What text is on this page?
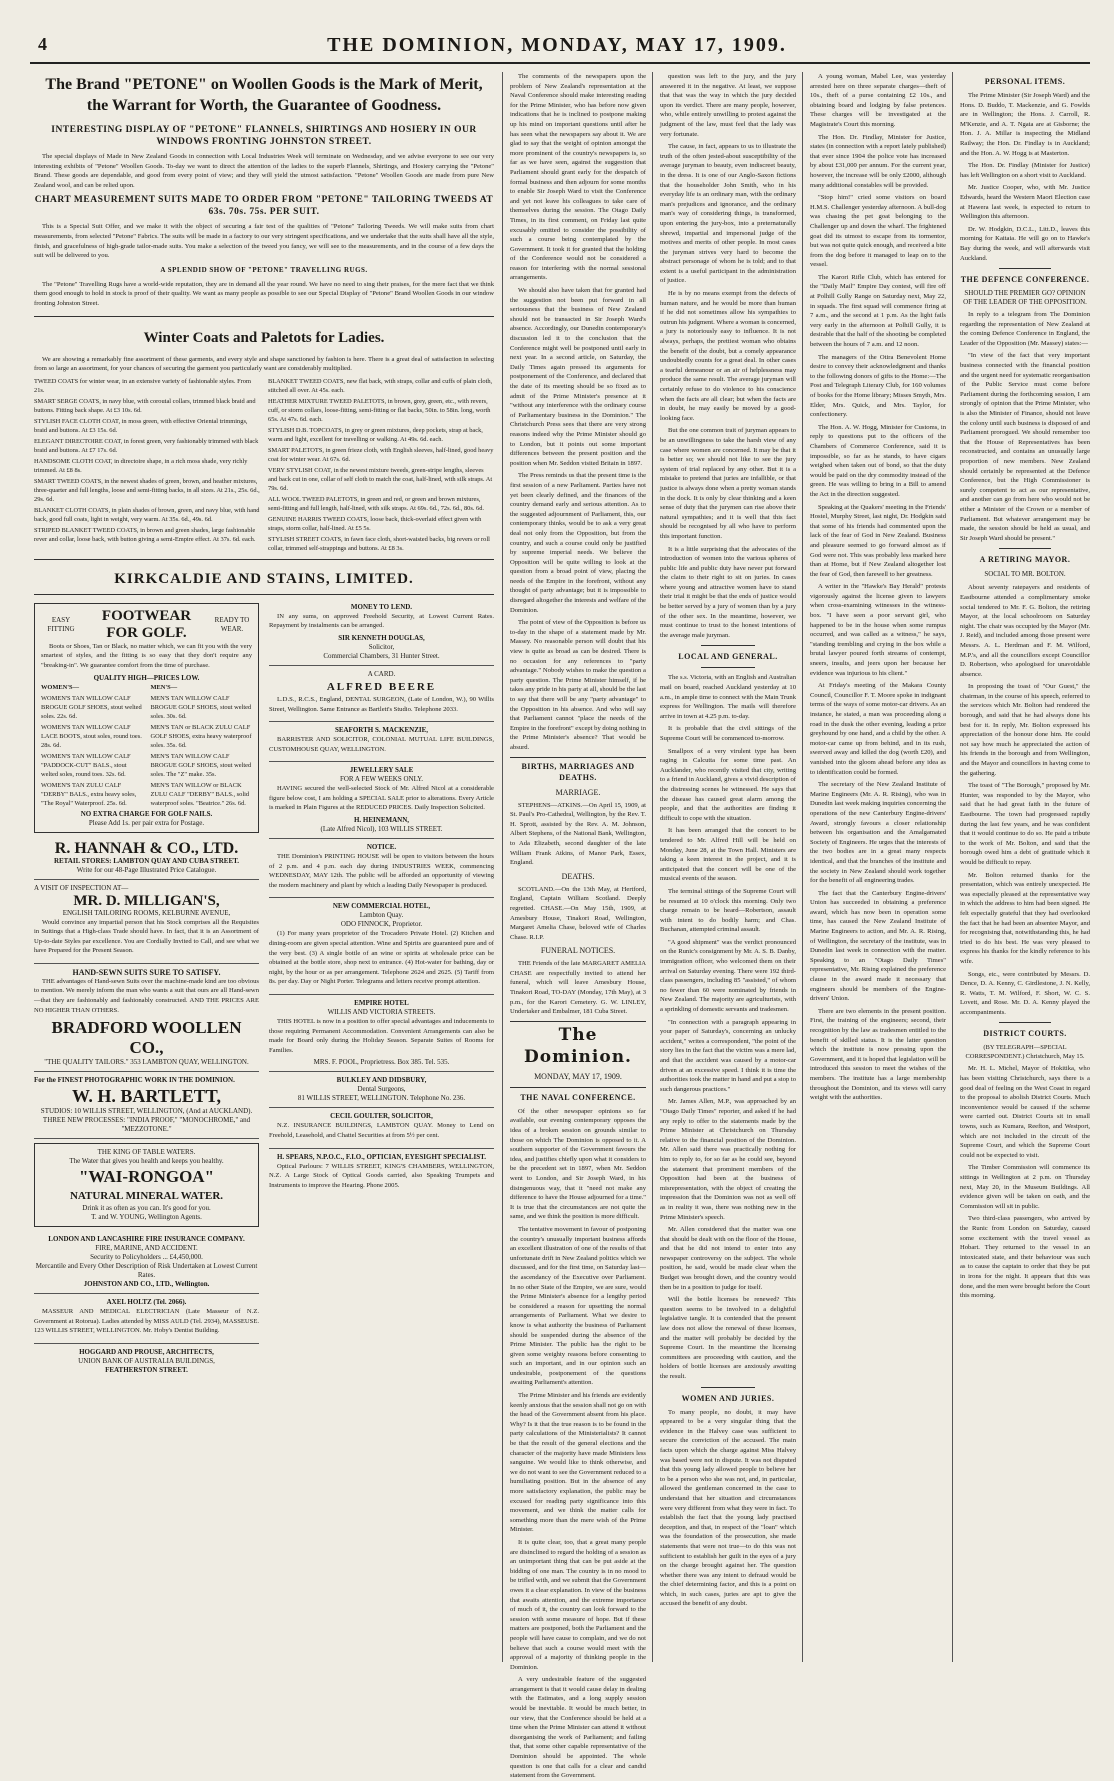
4	THE DOMINION, MONDAY, MAY 17, 1909.
The Brand "PETONE" on Woollen Goods is the Mark of Merit, the Warrant for Worth, the Guarantee of Goodness.
INTERESTING DISPLAY OF "PETONE" FLANNELS, SHIRTINGS AND HOSIERY IN OUR WINDOWS FRONTING JOHNSTON STREET.

The special displays of Made in New Zealand Goods in connection with Local Industries Week will terminate on Wednesday, and we advise everyone to see our very interesting exhibits of "Petone" Woollen Goods. To-day we want to direct the attention of the ladies to the superb Flannels, Shirtings, and Hosiery carrying the "Petone" Brand. These goods are dependable, and good from every point of view; and they will yield the utmost satisfaction. "Petone" Woollen Goods are made from pure New Zealand wool, and can be relied upon.

CHART MEASUREMENT SUITS MADE TO ORDER FROM "PETONE" TAILORING TWEEDS AT 63s. 70s. 75s. PER SUIT.

This is a Special Suit Offer, and we make it with the object of securing a fair test of the qualities of "Petone" Tailoring Tweeds. We will make suits from chart measurements, from selected "Petone" Fabrics. The suits will be made in a factory to our very stringent specifications, and we undertake that the suits shall have all the style, finish, and gracefulness of high-grade tailor-made suits. You make a selection of the tweed you fancy, we will see to the measurements, and in the course of a few days the suit will be delivered to you.

A SPLENDID SHOW OF "PETONE" TRAVELLING RUGS.

The "Petone" Travelling Rugs have a world-wide reputation, they are in demand all the year round. We have no need to sing their praises, for the mere fact that we think them good enough to hold in stock is proof of their quality. We want as many people as possible to see our Special Display of "Petone" Brand Woollen Goods in our window fronting Johnston Street.

Winter Coats and Paletots for Ladies.

We are showing a remarkably fine assortment of these garments, and every style and shape sanctioned by fashion is here. There is a great deal of satisfaction in selecting from so large an assortment, for your chances of securing the garment you particularly want are considerably multiplied.

TWEED COATS for winter wear, in an extensive variety of fashionable styles. From 21s.
SMART SERGE COATS, in navy blue, with coroutal collars, trimmed black braid and buttons. Fitting back shape. At £3 10s. 6d.
STYLISH FACE CLOTH COAT, in moss green, with effective Oriental trimmings, braid and buttons. At £3 15s. 6d.
ELEGANT DIRECTOIRE COAT, in forest green, very fashionably trimmed with black braid and buttons. At £7 17s. 6d.
HANDSOME CLOTH COAT, in directoire shape, in a rich moss shade, very richly trimmed. At £8 8s.
SMART TWEED COATS, in the newest shades of green, brown, and heather mixtures, three-quarter and full lengths, loose and semi-fitting backs, in all sizes. At 21s., 25s. 6d., 29s. 6d.
BLANKET CLOTH COATS, in plain shades of brown, green, and navy blue, with hand back, good full coats, light in weight, very warm. At 35s. 6d., 49s. 6d.
STRIPED BLANKET TWEED COATS, in brown and green shades, large fashionable rever and collar, loose back, with button giving a semi-Empire effect. At 37s. 6d. each.
BLANKET TWEED COATS, new flat back, with straps, collar and cuffs of plain cloth, stitched all over. At 45s. each.
HEATHER MIXTURE TWEED PALETOTS, in brown, grey, green, etc., with revers, cuff, or storm collars, loose-fitting, semi-fitting or flat backs, 50in. to 58in. long, worth 65s. At 47s. 6d. each.
STYLISH D.B. TOPCOATS, in grey or green mixtures, deep pockets, strap at back, warm and light, excellent for travelling or walking. At 49s. 6d. each.
SMART PALETOTS, in green frieze cloth, with English sleeves, half-lined, good heavy coat for winter wear. At 67s. 6d.
VERY STYLISH COAT, in the newest mixture tweeds, green-stripe lengths, sleeves and back cut in one, collar of self cloth to match the coat, half-lined, with silk straps. At 79s. 6d.
ALL WOOL TWEED PALETOTS, in green and red, or green and brown mixtures, semi-fitting and full length, half-lined, with silk straps. At 69s. 6d., 72s. 6d., 80s. 6d.
GENUINE HARRIS TWEED COATS, loose back, thick-overlaid effect given with straps, storm collar, half-lined. At £5 5s.
STYLISH STREET COATS, in fawn face cloth, short-waisted backs, big revers or roll collar, trimmed self-strappings and buttons. At £8 3s.
KIRKCALDIE AND STAINS, LIMITED.
EASY FITTING
FOOTWEAR FOR GOLF.
READY TO WEAR.

Boots or Shoes, Tan or Black, no matter which, we can fit you with the very smartest of styles, and the fitting is so easy that they don't require any "breaking-in". We guarantee comfort from the time of purchase.

QUALITY HIGH—PRICES LOW.
WOMEN'S—
WOMEN'S TAN WILLOW CALF BROGUE GOLF SHOES, stout welted soles. 22s. 6d.
WOMEN'S TAN WILLOW CALF LACE BOOTS, stout soles, round toes. 28s. 6d.
WOMEN'S TAN WILLOW CALF "PADDOCK-CUT" BALS., stout welted soles, round toes. 32s. 6d.
WOMEN'S TAN ZULU CALF "DERBY" BALS., extra heavy soles, "The Royal" Waterproof. 25s. 6d.
MEN'S—
MEN'S TAN WILLOW CALF BROGUE GOLF SHOES, stout welted soles. 30s. 6d.
MEN'S TAN or BLACK ZULU CALF GOLF SHOES, extra heavy waterproof soles. 35s. 6d.
MEN'S TAN WILLOW CALF BROGUE GOLF SHOES, stout welted soles. The "Z" make. 35s.
MEN'S TAN WILLOW or BLACK ZULU CALF "DERBY" BALS., solid waterproof soles. "Beatrice." 26s. 6d.
NO EXTRA CHARGE FOR GOLF NAILS.
Please Add 1s. per pair extra for Postage.
R. HANNAH & CO., LTD.
RETAIL STORES: LAMBTON QUAY AND CUBA STREET.
Write for our 48-Page Illustrated Price Catalogue.
A VISIT OF INSPECTION AT—
MR. D. MILLIGAN'S,
ENGLISH TAILORING ROOMS, KELBURNE AVENUE,

Would convince any impartial person that his Stock comprises all the Requisites in Suitings that a High-class Trade should have. In fact, that it is an Assortment of Up-to-date Styles par excellence. You are Cordially Invited to Call, and see what we have Prepared for the Present Season.

HAND-SEWN SUITS SURE TO SATISFY.

THE advantages of Hand-sewn Suits over the machine-made kind are too obvious to mention. We merely inform the man who wants a suit that ours are all Hand-sewn—that they are fashionably and fashionably constructed. AND THE PRICES ARE NO HIGHER THAN OTHERS.

BRADFORD WOOLLEN CO.,
"THE QUALITY TAILORS." 353 LAMBTON QUAY, WELLINGTON.
For the FINEST PHOTOGRAPHIC WORK IN THE DOMINION.
W. H. BARTLETT,
STUDIOS: 10 WILLIS STREET, WELLINGTON, (And at AUCKLAND).
THREE NEW PROCESSES: "INDIA PROOF," "MONOCHROME," and "MEZZOTONE."
THE KING OF TABLE WATERS.
The Water that gives you health and keeps you healthy.
"WAI-RONGOA"
NATURAL MINERAL WATER.
Drink it as often as you can. It's good for you.
T. and W. YOUNG, Wellington Agents.
LONDON AND LANCASHIRE FIRE INSURANCE COMPANY.
FIRE, MARINE, AND ACCIDENT.
Security to Policyholders ... £4,450,000.
Mercantile and Every Other Description of Risk Undertaken at Lowest Current Rates.
JOHNSTON AND CO., LTD., Wellington.
AXEL HOLTZ (Tel. 2066).

MASSEUR AND MEDICAL ELECTRICIAN (Late Masseur of N.Z. Government at Rotorua). Ladies attended by MISS AULD (Tel. 2934), MASSEUSE. 123 WILLIS STREET, WELLINGTON. Mr. Hoby's Dentist Building.

HOGGARD AND PROUSE, ARCHITECTS,
UNION BANK OF AUSTRALIA BUILDINGS,
FEATHERSTON STREET.
MONEY TO LEND.

IN any sums, on approved Freehold Security, at Lowest Current Rates. Repayment by instalments can be arranged.

SIR KENNETH DOUGLAS,
Solicitor,
Commercial Chambers, 31 Hunter Street.
A CARD.
ALFRED BEERE

L.D.S., R.C.S., England, DENTAL SURGEON, (Late of London, W.), 90 Willis Street, Wellington. Same Entrance as Bartlett's Studio. Telephone 2033.

SEAFORTH S. MACKENZIE,

BARRISTER AND SOLICITOR, COLONIAL MUTUAL LIFE BUILDINGS, CUSTOMHOUSE QUAY, WELLINGTON.

JEWELLERY SALE
FOR A FEW WEEKS ONLY.

HAVING secured the well-selected Stock of Mr. Alfred Nicol at a considerable figure below cost, I am holding a SPECIAL SALE prior to alterations. Every Article is marked in Plain Figures at the REDUCED PRICES. Daily Inspection Solicited.

H. HEINEMANN,
(Late Alfred Nicol), 103 WILLIS STREET.
NOTICE.

THE Dominion's PRINTING HOUSE will be open to visitors between the hours of 2 p.m. and 4 p.m. each day during INDUSTRIES WEEK, commencing WEDNESDAY, MAY 12th. The public will be afforded an opportunity of viewing the modern machinery and plant by which a leading Daily Newspaper is produced.

NEW COMMERCIAL HOTEL,
Lambton Quay.
ODO FINNOCK, Proprietor.

(1) For many years proprietor of the Trocadero Private Hotel. (2) Kitchen and dining-room are given special attention. Wine and Spirits are guaranteed pure and of the very best. (3) A single bottle of an wine or spirits at wholesale price can be obtained at the bottle store, shop next to entrance. (4) Hot-water for bathing, day or night, by the hour or as per arrangement. Telephone 2624 and 2625. (5) Tariff from 8s. per day. Day or Night Porter. Telegrams and letters receive prompt attention.

EMPIRE HOTEL
WILLIS AND VICTORIA STREETS.

THIS HOTEL is now in a position to offer special advantages and inducements to those requiring Permanent Accommodation. Convenient Arrangements can also be made for Board only during the Holiday Season. Separate Suites of Rooms for Families.

MRS. F. POOL, Proprietress. Box 385. Tel. 535.
BULKLEY AND DIDSBURY,
Dental Surgeons,
81 WILLIS STREET, WELLINGTON. Telephone No. 236.
CECIL GOULTER, SOLICITOR,

N.Z. INSURANCE BUILDINGS, LAMBTON QUAY. Money to Lend on Freehold, Leasehold, and Chattel Securities at from 5½ per cent.

H. SPEARS, N.P.O.C., F.I.O., OPTICIAN, EYESIGHT SPECIALIST.

Optical Parlours: 7 WILLIS STREET, KING'S CHAMBERS, WELLINGTON, N.Z. A Large Stock of Optical Goods carried, also Speaking Trumpets and Instruments to improve the Hearing. Phone 2005.

The comments of the newspapers upon the problem of New Zealand's representation at the Naval Conference should make interesting reading for the Prime Minister, who has before now given indications that he is inclined to postpone making up his mind on important questions until after he has seen what the newspapers say about it. We are glad to say that the weight of opinion amongst the more prominent of the country's newspapers is, so far as we have seen, against the suggestion that Parliament should grant early for the despatch of formal business and then adjourn for some months to enable Sir Joseph Ward to visit the Conference and yet not leave his colleagues to take care of themselves during the session. The Otago Daily Times, in its first comment, on Friday last quite excusably omitted to consider the possibility of such a course being contemplated by the Government. It took it for granted that the holding of the Conference would not be considered a reason for interfering with the normal sessional arrangements.

We should also have taken that for granted had the suggestion not been put forward in all seriousness that the business of New Zealand should not be transacted in Sir Joseph Ward's absence. Accordingly, our Dunedin contemporary's discussion led it to the conclusion that the Conference might well be postponed until early in next year. In a second article, on Saturday, the Daily Times again pressed its arguments for postponement of the Conference, and declared that the date of its meeting should be so fixed as to admit of the Prime Minister's presence at it "without any interference with the ordinary course of Parliamentary business in the Dominion." The Christchurch Press sees that there are very strong reasons indeed why the Prime Minister should go to London, but it points out some important differences between the present position and the position when Mr. Seddon visited Britain in 1897.

The Press reminds us that the present time is the first session of a new Parliament. Parties have not yet been clearly defined, and the finances of the country demand early and serious attention. As to the suggested adjournment of Parliament, this, our contemporary thinks, would be to ask a very great deal not only from the Opposition, but from the country, and such a course could only be justified by supreme imperial needs. We believe the Opposition will be quite willing to look at the question from a broad point of view, placing the needs of the Empire in the forefront, without any thought of party advantage; but it is impossible to disregard altogether the interests and welfare of the Dominion.

The point of view of the Opposition is before us to-day in the shape of a statement made by Mr. Massey. No reasonable person will doubt that his view is quite as broad as can be desired. There is no occasion for any references to "party advantage." Nobody wishes to make the question a party question. The Prime Minister himself, if he takes any pride in his party at all, should be the last to say that there will be any "party advantage" to the Opposition in his absence. And who will say that Parliament cannot "place the needs of the Empire in the forefront" except by doing nothing in the Prime Minister's absence? That would be absurd.

BIRTHS, MARRIAGES AND DEATHS.
MARRIAGE.

STEPHENS—ATKINS.—On April 15, 1909, at St. Paul's Pro-Cathedral, Wellington, by the Rev. T. H. Sprott, assisted by the Rev. A. M. Johnson, Albert Stephens, of the National Bank, Wellington, to Ada Elizabeth, second daughter of the late William Frank Atkins, of Manor Park, Essex, England.

DEATHS.

SCOTLAND.—On the 13th May, at Hertford, England, Captain William Scotland. Deeply regretted. CHASE.—On May 15th, 1909, at Amesbury House, Tinakori Road, Wellington, Margaret Amelia Chase, beloved wife of Charles Chase. R.I.P.

FUNERAL NOTICES.

THE Friends of the late MARGARET AMELIA CHASE are respectfully invited to attend her funeral, which will leave Amesbury House, Tinakori Road, TO-DAY (Monday, 17th May), at 3 p.m., for the Karori Cemetery. G. W. LINLEY, Undertaker and Embalmer, 181 Cuba Street.

The Dominion.
MONDAY, MAY 17, 1909.
THE NAVAL CONFERENCE.

Of the other newspaper opinions so far available, our evening contemporary opposes the idea of a broken session on grounds similar to those on which The Dominion is opposed to it. A southern supporter of the Government favours the idea, and justifies chiefly upon what it considers to be the precedent set in 1897, when Mr. Seddon went to London, and Sir Joseph Ward, in his disingenuous way, that it "need not make any difference to have the House adjourned for a time." It is true that the circumstances are not quite the same, and we think the position is more difficult.

The tentative movement in favour of postponing the country's unusually important business affords an excellent illustration of one of the results of that unfortunate drift in New Zealand politics which we discussed, and for the first time, on Saturday last—the ascendancy of the Executive over Parliament. In no other State of the Empire, we are sure, would the Prime Minister's absence for a lengthy period be considered a reason for upsetting the normal arrangements of Parliament. What we desire to know is what authority the business of Parliament should be suspended during the absence of the Prime Minister. The public has the right to be given some weighty reasons before consenting to such an important, and in our opinion such an undesirable, postponement of the questions awaiting Parliament's attention.

The Prime Minister and his friends are evidently keenly anxious that the session shall not go on with the head of the Government absent from his place. Why? Is it that the true reason is to be found in the party calculations of the Ministerialists? It cannot be that the result of the general elections and the character of the majority have made Ministers less sanguine. We would like to think otherwise, and we do not want to see the Government reduced to a humiliating position. But in the absence of any more satisfactory explanation, the public may be excused for reading party significance into this movement, and we think the matter calls for something more than the mere wish of the Prime Minister.

It is quite clear, too, that a great many people are disinclined to regard the holding of a session as an unimportant thing that can be put aside at the bidding of one man. The country is in no mood to be trifled with, and we submit that the Government owes it a clear explanation. In view of the business that awaits attention, and the extreme importance of much of it, the country can look forward to the session with some measure of hope. But if these matters are postponed, both the Parliament and the people will have cause to complain, and we do not believe that such a course would meet with the approval of a majority of thinking people in the Dominion.

A very undesirable feature of the suggested arrangement is that it would cause delay in dealing with the Estimates, and a long supply session would be inevitable. It would be much better, in our view, that the Conference should be held at a time when the Prime Minister can attend it without disorganising the work of Parliament; and failing that, that some other capable representative of the Dominion should be appointed. The whole question is one that calls for a clear and candid statement from the Government.

question was left to the jury, and the jury answered it in the negative. At least, we suppose that that was the way in which the jury decided upon its verdict. There are many people, however, who, while entirely unwilling to protest against the judgment of the law, must feel that the lady was very fortunate.

The cause, in fact, appears to us to illustrate the truth of the often jested-about susceptibility of the average juryman to beauty, even indiscreet beauty, in the dress. It is one of our Anglo-Saxon fictions that the householder John Smith, who in his everyday life is an ordinary man, with the ordinary man's prejudices and ignorance, and the ordinary man's way of considering things, is transformed, upon entering the jury-box, into a preternaturally shrewd, impartial and impersonal judge of the motives and merits of other people. In most cases the juryman strives very hard to become the abstract personage of whom he is told; and to that extent is a useful participant in the administration of justice.

He is by no means exempt from the defects of human nature, and he would be more than human if he did not sometimes allow his sympathies to outrun his judgment. Where a woman is concerned, a jury is notoriously easy to influence. It is not always, perhaps, the prettiest woman who obtains the benefit of the doubt, but a comely appearance undoubtedly counts for a great deal. In other cases a tearful demeanour or an air of helplessness may produce the same result. The average juryman will certainly refuse to do violence to his conscience when the facts are all clear; but when the facts are in doubt, he may easily be moved by a good-looking face.

But the one common trait of juryman appears to be an unwillingness to take the harsh view of any case where women are concerned. It may be that it is better so; we should not like to see the jury system of trial replaced by any other. But it is a mistake to pretend that juries are infallible, or that justice is always done when a pretty woman stands in the dock. It is only by clear thinking and a keen sense of duty that the jurymen can rise above their natural sympathies; and it is well that this fact should be recognised by all who have to perform this important function.

It is a little surprising that the advocates of the introduction of women into the various spheres of public life and public duty have never put forward the claim to their right to sit on juries. In cases where young and attractive women have to stand their trial it might be that the ends of justice would be better served by a jury of women than by a jury of the other sex. In the meantime, however, we must continue to trust to the honest intentions of the average male juryman.

LOCAL AND GENERAL.

The s.s. Victoria, with an English and Australian mail on board, reached Auckland yesterday at 10 a.m., in ample time to connect with the Main Trunk express for Wellington. The mails will therefore arrive in town at 4.25 p.m. to-day.

It is probable that the civil sittings of the Supreme Court will be commenced to-morrow.

Smallpox of a very virulent type has been raging in Calcutta for some time past. An Aucklander, who recently visited that city, writing to a friend in Auckland, gives a vivid description of the distressing scenes he witnessed. He says that the disease has caused great alarm among the people, and that the authorities are finding it difficult to cope with the situation.

It has been arranged that the concert to be tendered to Mr. Alfred Hill will be held on Monday, June 28, at the Town Hall. Ministers are taking a keen interest in the project, and it is anticipated that the concert will be one of the musical events of the season.

The terminal sittings of the Supreme Court will be resumed at 10 o'clock this morning. Only two charge remain to be heard—Robertson, assault with intent to do bodily harm; and Chas. Buchanan, attempted criminal assault.

"A good shipment" was the verdict pronounced on the Runic's consignment by Mr. A. S. B. Danby, immigration officer, who welcomed them on their arrival on Saturday evening. There were 192 third-class passengers, including 85 "assisted," of whom no fewer than 60 were nominated by friends in New Zealand. The majority are agriculturists, with a sprinkling of domestic servants and tradesmen.

"In connection with a paragraph appearing in your paper of Saturday's, concerning an unlucky accident," writes a correspondent, "the point of the story lies in the fact that the victim was a mere lad, and that the accident was caused by a motor-car driven at an excessive speed. I think it is time the authorities took the matter in hand and put a stop to such dangerous practices."

Mr. James Allen, M.P., was approached by an "Otago Daily Times" reporter, and asked if he had any reply to offer to the statements made by the Prime Minister at Christchurch on Thursday relative to the financial position of the Dominion. Mr. Allen said there was practically nothing for him to reply to, for so far as he could see, beyond the statement that prominent members of the Opposition had been at the business of misrepresentation, with the object of creating the impression that the Dominion was not as well off as in reality it was, there was nothing new in the Prime Minister's speech.

Mr. Allen considered that the matter was one that should be dealt with on the floor of the House, and that he did not intend to enter into any newspaper controversy on the subject. The whole position, he said, would be made clear when the Budget was brought down, and the country would then be in a position to judge for itself.

Will the bottle licenses be renewed? This question seems to be involved in a delightful legislative tangle. It is contended that the present law does not allow the renewal of these licenses, and the matter will probably be decided by the Supreme Court. In the meantime the licensing committees are proceeding with caution, and the holders of bottle licenses are anxiously awaiting the result.

WOMEN AND JURIES.

To many people, no doubt, it may have appeared to be a very singular thing that the evidence in the Halvey case was sufficient to secure the conviction of the accused. The main facts upon which the charge against Miss Halvey was based were not in dispute. It was not disputed that this young lady allowed people to believe her to be a person who she was not, and, in particular, allowed the gentleman concerned in the case to understand that her situation and circumstances were very different from what they were in fact. To establish the fact that the young lady practised deception, and that, in respect of the "loan" which was the foundation of the prosecution, she made statements that were not true—to do this was not sufficient to establish her guilt in the eyes of a jury on the charge brought against her. The question whether there was any intent to defraud would be the chief determining factor, and this is a point on which, in such cases, juries are apt to give the accused the benefit of any doubt.

A young woman, Mabel Lee, was yesterday arrested here on three separate charges—theft of 10s., theft of a purse containing £2 10s., and obtaining board and lodging by false pretences. These charges will be investigated at the Magistrate's Court this morning.

The Hon. Dr. Findlay, Minister for Justice, states (in connection with a report lately published) that ever since 1904 the police vote has increased by about £31,000 per annum. For the current year, however, the increase will be only £2000, although many additional constables will be provided.

"Stop him!" cried some visitors on board H.M.S. Challenger yesterday afternoon. A bull-dog was chasing the pet goat belonging to the Challenger up and down the wharf. The frightened goat did its utmost to escape from its tormentor, but was not quite quick enough, and received a bite from the dog before it managed to leap on to the vessel.

The Karori Rifle Club, which has entered for the "Daily Mail" Empire Day contest, will fire off at Polhill Gully Range on Saturday next, May 22, in squads. The first squad will commence firing at 7 a.m., and the second at 1 p.m. As the light fails very early in the afternoon at Polhill Gully, it is desirable that the half of the shooting be completed between the hours of 7 a.m. and 12 noon.

The managers of the Otira Benevolent Home desire to convey their acknowledgment and thanks to the following donors of gifts to the Home:—The Post and Telegraph Literary Club, for 160 volumes of books for the Home library; Misses Smyth, Mrs. Elder, Mrs. Quick, and Mrs. Taylor, for confectionery.

The Hon. A. W. Hogg, Minister for Customs, in reply to questions put to the officers of the Chambers of Commerce Conference, said it is impossible, so far as he stands, to have cigars weighed when taken out of bond, so that the duty would be paid on the dry commodity instead of the green. He was willing to bring in a Bill to amend the Act in the direction suggested.

Speaking at the Quakers' meeting in the Friends' Hostel, Murphy Street, last night, Dr. Hodgkin said that some of his friends had commented upon the lack of the fear of God in New Zealand. Business and pleasure seemed to go forward almost as if God were not. This was probably less marked here than at Home, but if New Zealand altogether lost the fear of God, then farewell to her greatness.

A writer in the "Hawke's Bay Herald" protests vigorously against the license given to lawyers when cross-examining witnesses in the witness-box. "I have seen a poor servant girl, who happened to be in the house when some rumpus occurred, and was called as a witness," he says, "standing trembling and crying in the box while a brutal lawyer poured forth streams of contempt, sneers, insults, and jeers upon her because her evidence was injurious to his client."

At Friday's meeting of the Makara County Council, Councillor F. T. Moore spoke in indignant terms of the ways of some motor-car drivers. As an instance, he stated, a man was proceeding along a road in the dusk the other evening, leading a prize greyhound by one hand, and a child by the other. A motor-car came up from behind, and in its rush, swerved away and killed the dog (worth £20), and vanished into the gloom ahead before any idea as to identification could be formed.

The secretary of the New Zealand Institute of Marine Engineers (Mr. A. R. Rising), who was in Dunedin last week making inquiries concerning the operations of the new Canterbury Engine-drivers' Award, strongly favours a closer relationship between his organisation and the Amalgamated Society of Engineers. He urges that the interests of the two bodies are in a great many respects identical, and that the branches of the institute and the society in New Zealand should work together for the benefit of all engineering trades.

The fact that the Canterbury Engine-drivers' Union has succeeded in obtaining a preference award, which has now been in operation some time, has caused the New Zealand Institute of Marine Engineers to action, and Mr. A. R. Rising, of Wellington, the secretary of the institute, was in Dunedin last week in connection with the matter. Speaking to an "Otago Daily Times" representative, Mr. Rising explained the preference clause in the award made it necessary that engineers should be members of the Engine-drivers' Union.

There are two elements in the present position. First, the training of the engineers; second, their recognition by the law as tradesmen entitled to the benefit of skilled status. It is the latter question which the institute is now pressing upon the Government, and it is hoped that legislation will be introduced this session to meet the wishes of the members. The institute has a large membership throughout the Dominion, and its views will carry weight with the authorities.

PERSONAL ITEMS.

The Prime Minister (Sir Joseph Ward) and the Hons. D. Buddo, T. Mackenzie, and G. Fowlds are in Wellington; the Hons. J. Carroll, R. M'Kenzie, and A. T. Ngata are at Gisborne; the Hon. J. A. Millar is inspecting the Midland Railway; the Hon. Dr. Findlay is in Auckland; and the Hon. A. W. Hogg is at Masterton.

The Hon. Dr. Findlay (Minister for Justice) has left Wellington on a short visit to Auckland.

Mr. Justice Cooper, who, with Mr. Justice Edwards, heard the Western Maori Election case at Hawera last week, is expected to return to Wellington this afternoon.

Dr. W. Hodgkin, D.C.L., Litt.D., leaves this morning for Kaitaia. He will go on to Hawke's Bay during the week, and will afterwards visit Auckland.

THE DEFENCE CONFERENCE.
SHOULD THE PREMIER GO? OPINION OF THE LEADER OF THE OPPOSITION.

In reply to a telegram from The Dominion regarding the representation of New Zealand at the coming Defence Conference in England, the Leader of the Opposition (Mr. Massey) states:—

"In view of the fact that very important business connected with the financial position and the urgent need for systematic reorganisation of the Public Service must come before Parliament during the forthcoming session, I am strongly of opinion that the Prime Minister, who is also the Minister of Finance, should not leave the colony until such business is disposed of and Parliament prorogued. We should remember too that the House of Representatives has been reconstructed, and contains an unusually large proportion of new members. New Zealand should certainly be represented at the Defence Conference, but the High Commissioner is surely competent to act as our representative, and another can go from here who would not be either a Minister of the Crown or a member of Parliament. But whatever arrangement may be made, the session should be held as usual, and Sir Joseph Ward should be present."

A RETIRING MAYOR.
SOCIAL TO MR. BOLTON.

About seventy ratepayers and residents of Eastbourne attended a complimentary smoke social tendered to Mr. F. G. Bolton, the retiring Mayor, at the local schoolroom on Saturday night. The chair was occupied by the Mayor (Mr. J. Reid), and included among those present were Messrs. A. L. Herdman and F. M. Wilford, M.P.'s, and all the councillors except Councillor D. Robertson, who apologised for unavoidable absence.

In proposing the toast of "Our Guest," the chairman, in the course of his speech, referred to the services which Mr. Bolton had rendered the borough, and said that he had always done his best for it. In reply, Mr. Bolton expressed his appreciation of the honour done him. He could not say how much he appreciated the action of his friends in the borough and from Wellington, and the Mayor and councillors in having come to the gathering.

The toast of "The Borough," proposed by Mr. Hunter, was responded to by the Mayor, who said that he had great faith in the future of Eastbourne. The town had progressed rapidly during the last few years, and he was confident that it would continue to do so. He paid a tribute to the work of Mr. Bolton, and said that the borough owed him a debt of gratitude which it would be difficult to repay.

Mr. Bolton returned thanks for the presentation, which was entirely unexpected. He was especially pleased at the representative way in which the address to him had been signed. He felt especially grateful that they had overlooked the fact that he had been an absentee Mayor, and for recognising that, notwithstanding this, he had tried to do his best. He was very pleased to express his thanks for the kindly reference to his wife.

Songs, etc., were contributed by Messrs. D. Dence, D. A. Kenny, C. Girdlestone, J. N. Kelly, R. Watts, T. M. Wilford, F. Short, W. C. S. Lovett, and Rose. Mr. D. A. Kenny played the accompaniments.

DISTRICT COURTS.
(BY TELEGRAPH—SPECIAL CORRESPONDENT.) Christchurch, May 15.

Mr. H. L. Michel, Mayor of Hokitika, who has been visiting Christchurch, says there is a good deal of feeling on the West Coast in regard to the proposal to abolish District Courts. Much inconvenience would be caused if the scheme were carried out. District Courts sit in small towns, such as Kumara, Reefton, and Westport, which are not included in the circuit of the Supreme Court, and which the Supreme Court could not be expected to visit.

The Timber Commission will commence its sittings in Wellington at 2 p.m. on Thursday next, May 20, in the Museum Buildings. All evidence given will be taken on oath, and the Commission will sit in public.

Two third-class passengers, who arrived by the Runic from London on Saturday, caused some excitement with the travel vessel as Hobart. They returned to the vessel in an intoxicated state, and their behaviour was such as to cause the captain to order that they be put in irons for the night. It appears that this was done, and the men were brought before the Court this morning.
